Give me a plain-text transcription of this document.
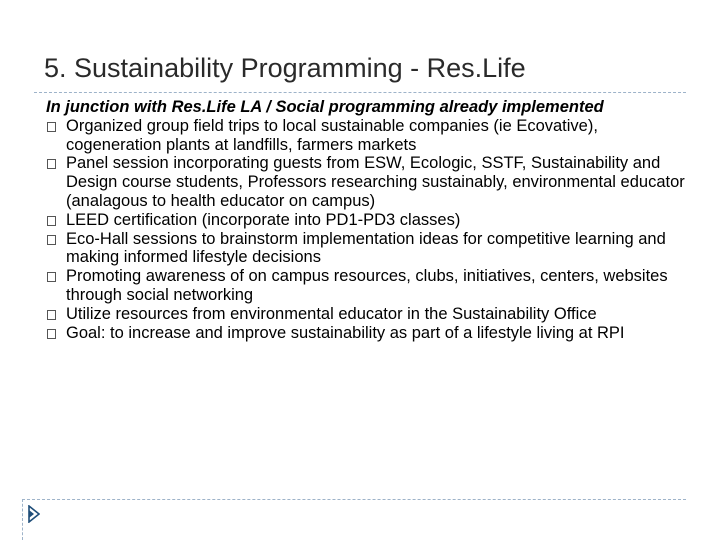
5. Sustainability Programming - Res.Life

In junction with Res.Life LA / Social programming already implemented

Organized group field trips to local sustainable companies (ie Ecovative), cogeneration plants at landfills, farmers markets
Panel session incorporating guests from ESW, Ecologic, SSTF, Sustainability and Design course students, Professors researching sustainably, environmental educator (analagous to health educator on campus)
LEED certification (incorporate into PD1-PD3 classes)
Eco-Hall sessions to brainstorm implementation ideas for competitive learning and making informed lifestyle decisions
Promoting awareness of on campus resources, clubs, initiatives, centers, websites through social networking
Utilize resources from environmental educator in the Sustainability Office
Goal: to increase and improve sustainability as part of a lifestyle living at RPI
